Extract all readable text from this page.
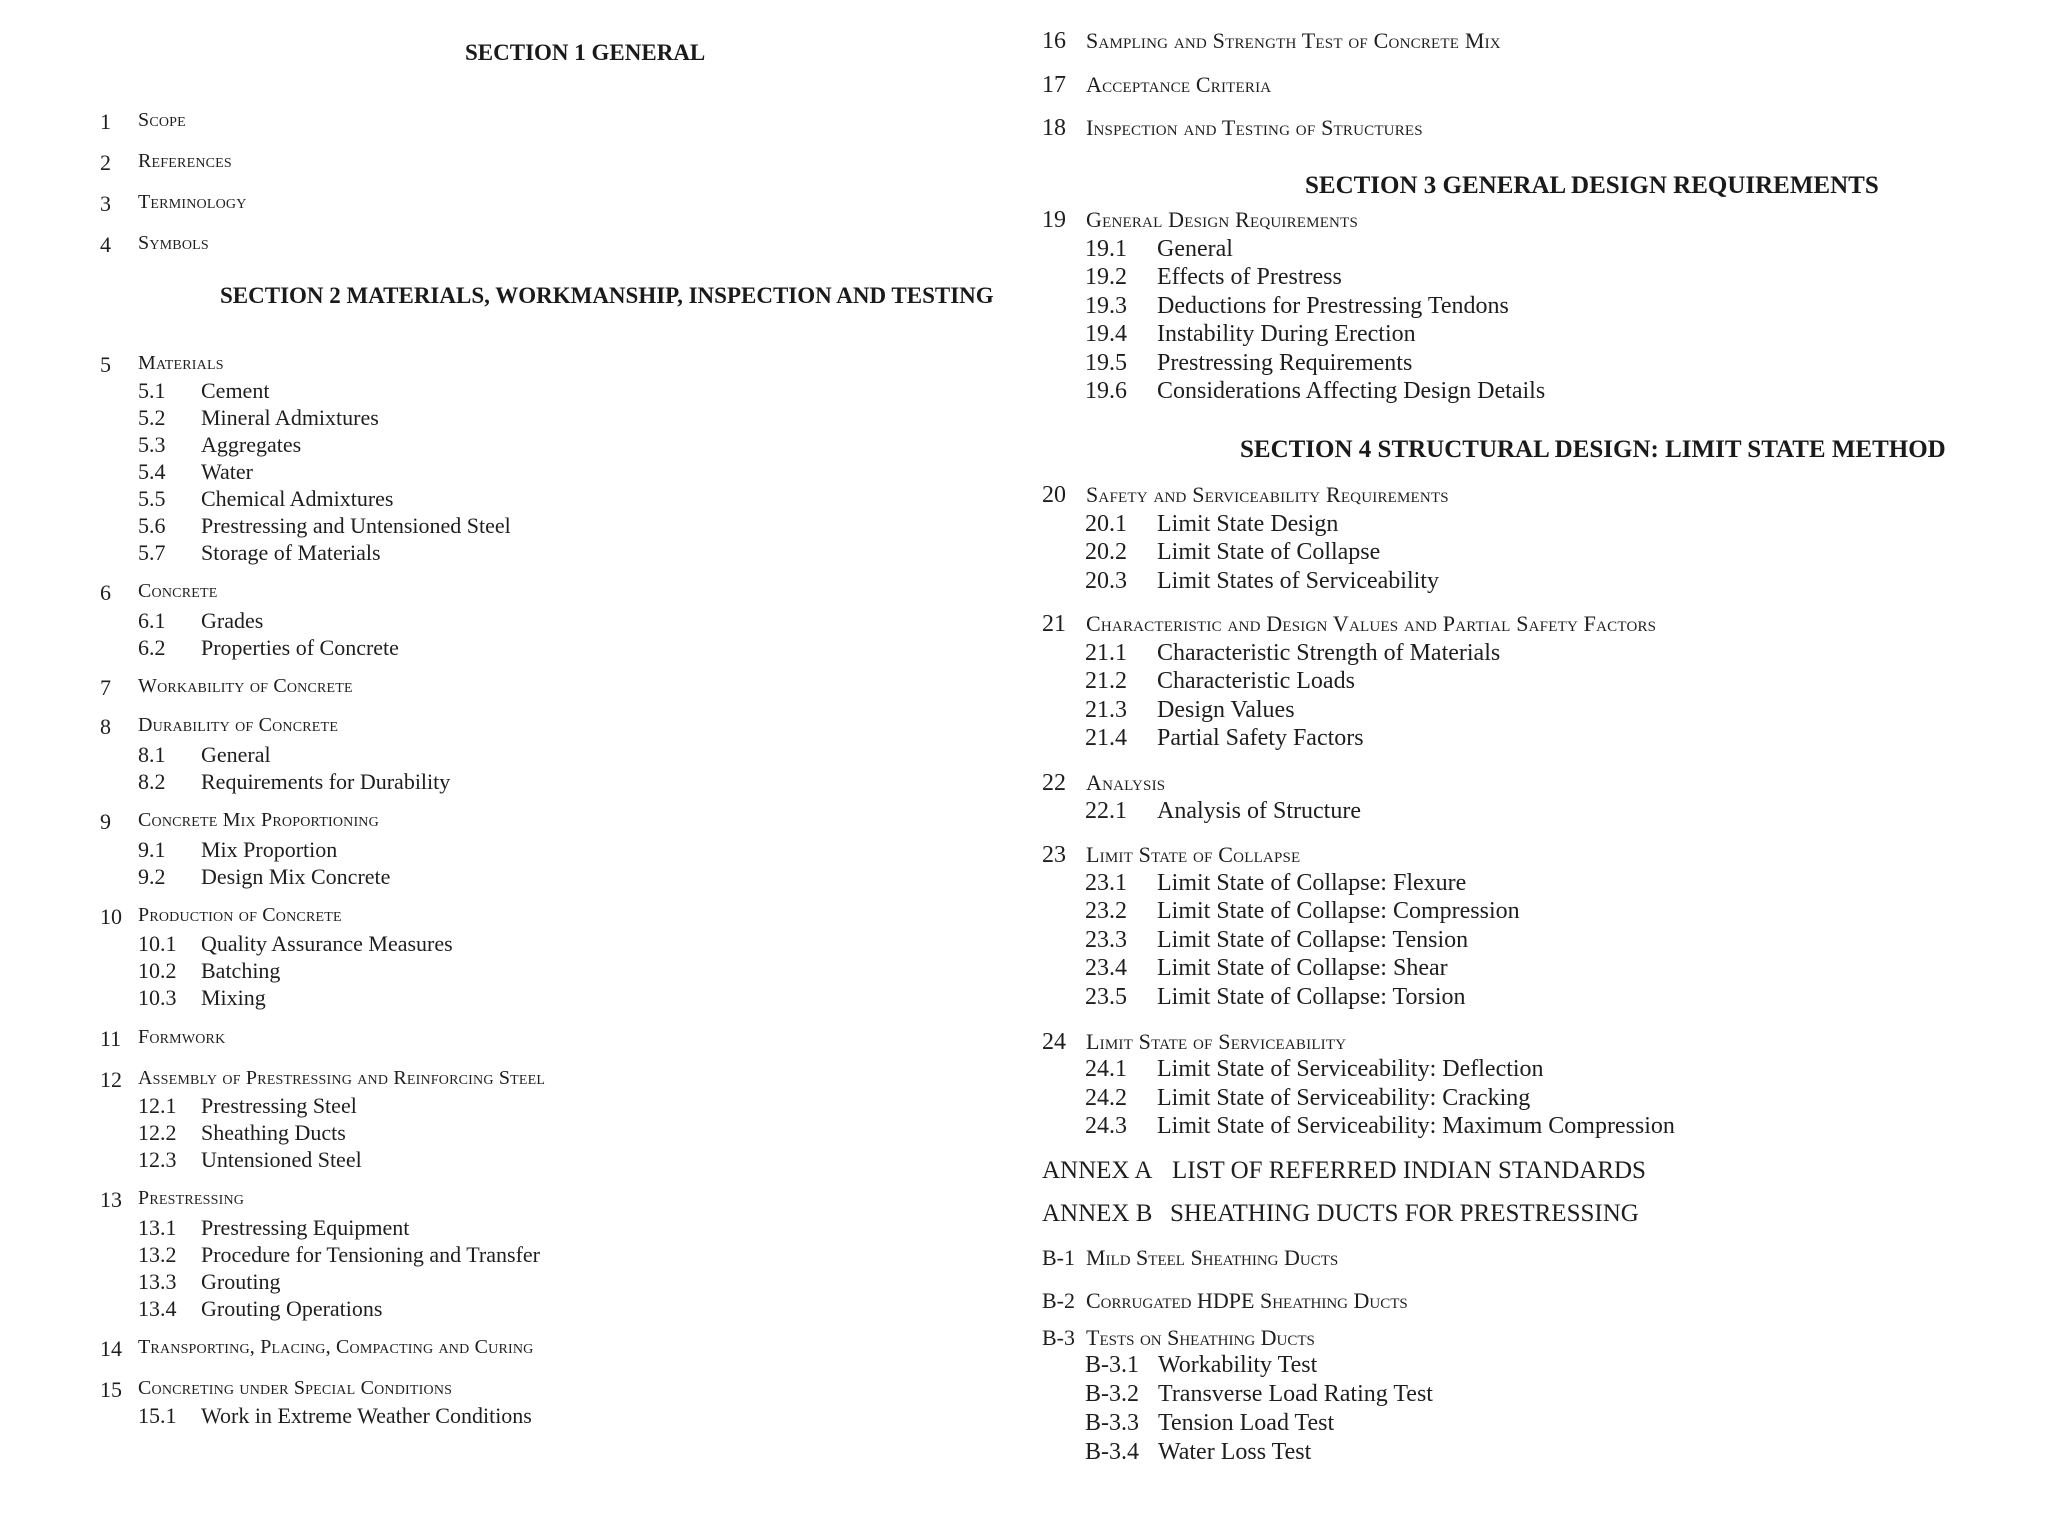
SECTION 1 GENERAL
SECTION 2 MATERIALS, WORKMANSHIP, INSPECTION AND TESTING
1 Scope
2 References
3 Terminology
4 Symbols
5 Materials
5.1 Cement
5.2 Mineral Admixtures
5.3 Aggregates
5.4 Water
5.5 Chemical Admixtures
5.6 Prestressing and Untensioned Steel
5.7 Storage of Materials
6 Concrete
6.1 Grades
6.2 Properties of Concrete
7 Workability of Concrete
8 Durability of Concrete
8.1 General
8.2 Requirements for Durability
9 Concrete Mix Proportioning
9.1 Mix Proportion
9.2 Design Mix Concrete
10 Production of Concrete
10.1 Quality Assurance Measures
10.2 Batching
10.3 Mixing
11 Formwork
12 Assembly of Prestressing and Reinforcing Steel
12.1 Prestressing Steel
12.2 Sheathing Ducts
12.3 Untensioned Steel
13 Prestressing
13.1 Prestressing Equipment
13.2 Procedure for Tensioning and Transfer
13.3 Grouting
13.4 Grouting Operations
14 Transporting, Placing, Compacting and Curing
15 Concreting under Special Conditions
15.1 Work in Extreme Weather Conditions
16 Sampling and Strength Test of Concrete Mix
17 Acceptance Criteria
18 Inspection and Testing of Structures
SECTION 3 GENERAL DESIGN REQUIREMENTS
19 General Design Requirements
19.1 General
19.2 Effects of Prestress
19.3 Deductions for Prestressing Tendons
19.4 Instability During Erection
19.5 Prestressing Requirements
19.6 Considerations Affecting Design Details
SECTION 4 STRUCTURAL DESIGN: LIMIT STATE METHOD
20 Safety and Serviceability Requirements
20.1 Limit State Design
20.2 Limit State of Collapse
20.3 Limit States of Serviceability
21 Characteristic and Design Values and Partial Safety Factors
21.1 Characteristic Strength of Materials
21.2 Characteristic Loads
21.3 Design Values
21.4 Partial Safety Factors
22 Analysis
22.1 Analysis of Structure
23 Limit State of Collapse
23.1 Limit State of Collapse: Flexure
23.2 Limit State of Collapse: Compression
23.3 Limit State of Collapse: Tension
23.4 Limit State of Collapse: Shear
23.5 Limit State of Collapse: Torsion
24 Limit State of Serviceability
24.1 Limit State of Serviceability: Deflection
24.2 Limit State of Serviceability: Cracking
24.3 Limit State of Serviceability: Maximum Compression
ANNEX A LIST OF REFERRED INDIAN STANDARDS
ANNEX B SHEATHING DUCTS FOR PRESTRESSING
B-1 Mild Steel Sheathing Ducts
B-2 Corrugated HDPE Sheathing Ducts
B-3 Tests on Sheathing Ducts
B-3.1 Workability Test
B-3.2 Transverse Load Rating Test
B-3.3 Tension Load Test
B-3.4 Water Loss Test
